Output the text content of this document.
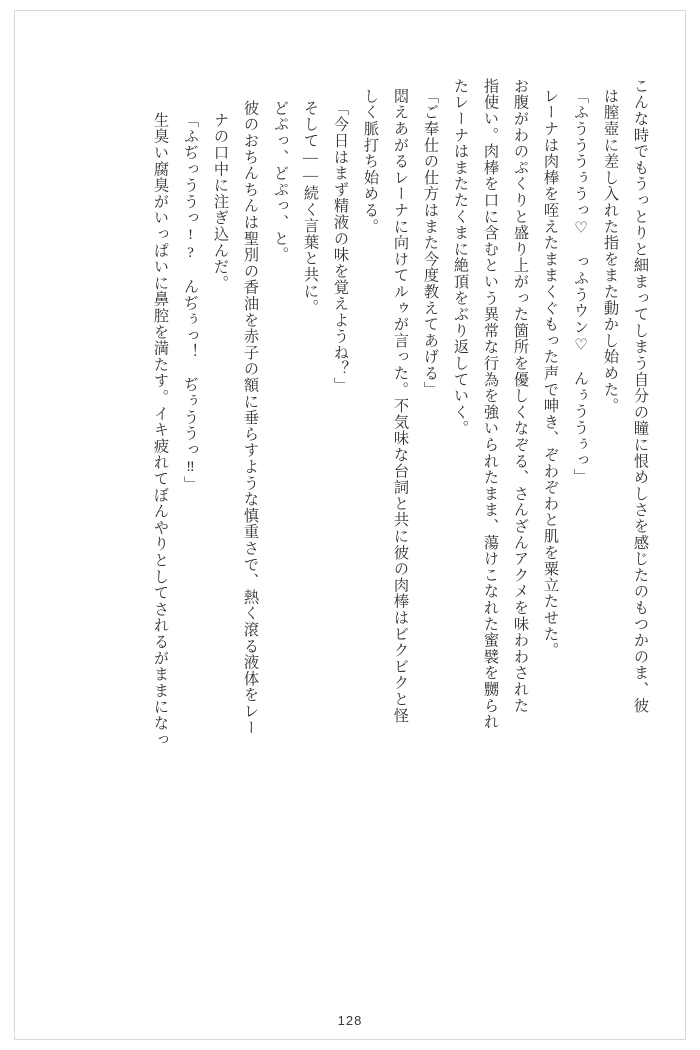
こんな時でもうっとりと細まってしまう自分の瞳に恨めしさを感じたのもつかのま、彼
は膣壺に差し入れた指をまた動かし始めた。
「ふうううぅうっ♡　っふうウン♡　んぅううぅっ」
レーナは肉棒を咥えたままくぐもった声で呻き、ぞわぞわと肌を粟立たせた。
お腹がわのぷくりと盛り上がった箇所を優しくなぞる、さんざんアクメを味わわされた
指使い。肉棒を口に含むという異常な行為を強いられたまま、蕩けこなれた蜜襞を嬲られ
たレーナはまたたくまに絶頂をぶり返していく。
「ご奉仕の仕方はまた今度教えてあげる」
悶えあがるレーナに向けてルゥが言った。不気味な台詞と共に彼の肉棒はビクビクと怪
しく脈打ち始める。
「今日はまず精液の味を覚えようね？」
そして――続く言葉と共に。
どぷっ、どぷっ、と。
彼のおちんちんは聖別の香油を赤子の額に垂らすような慎重さで、熱く滾る液体をレー
ナの口中に注ぎ込んだ。
「ふぢっううっ!?　んぢぅっ！　ぢぅううっ‼」
生臭い腐臭がいっぱいに鼻腔を満たす。イキ疲れてぼんやりとしてされるがままになっ
128
